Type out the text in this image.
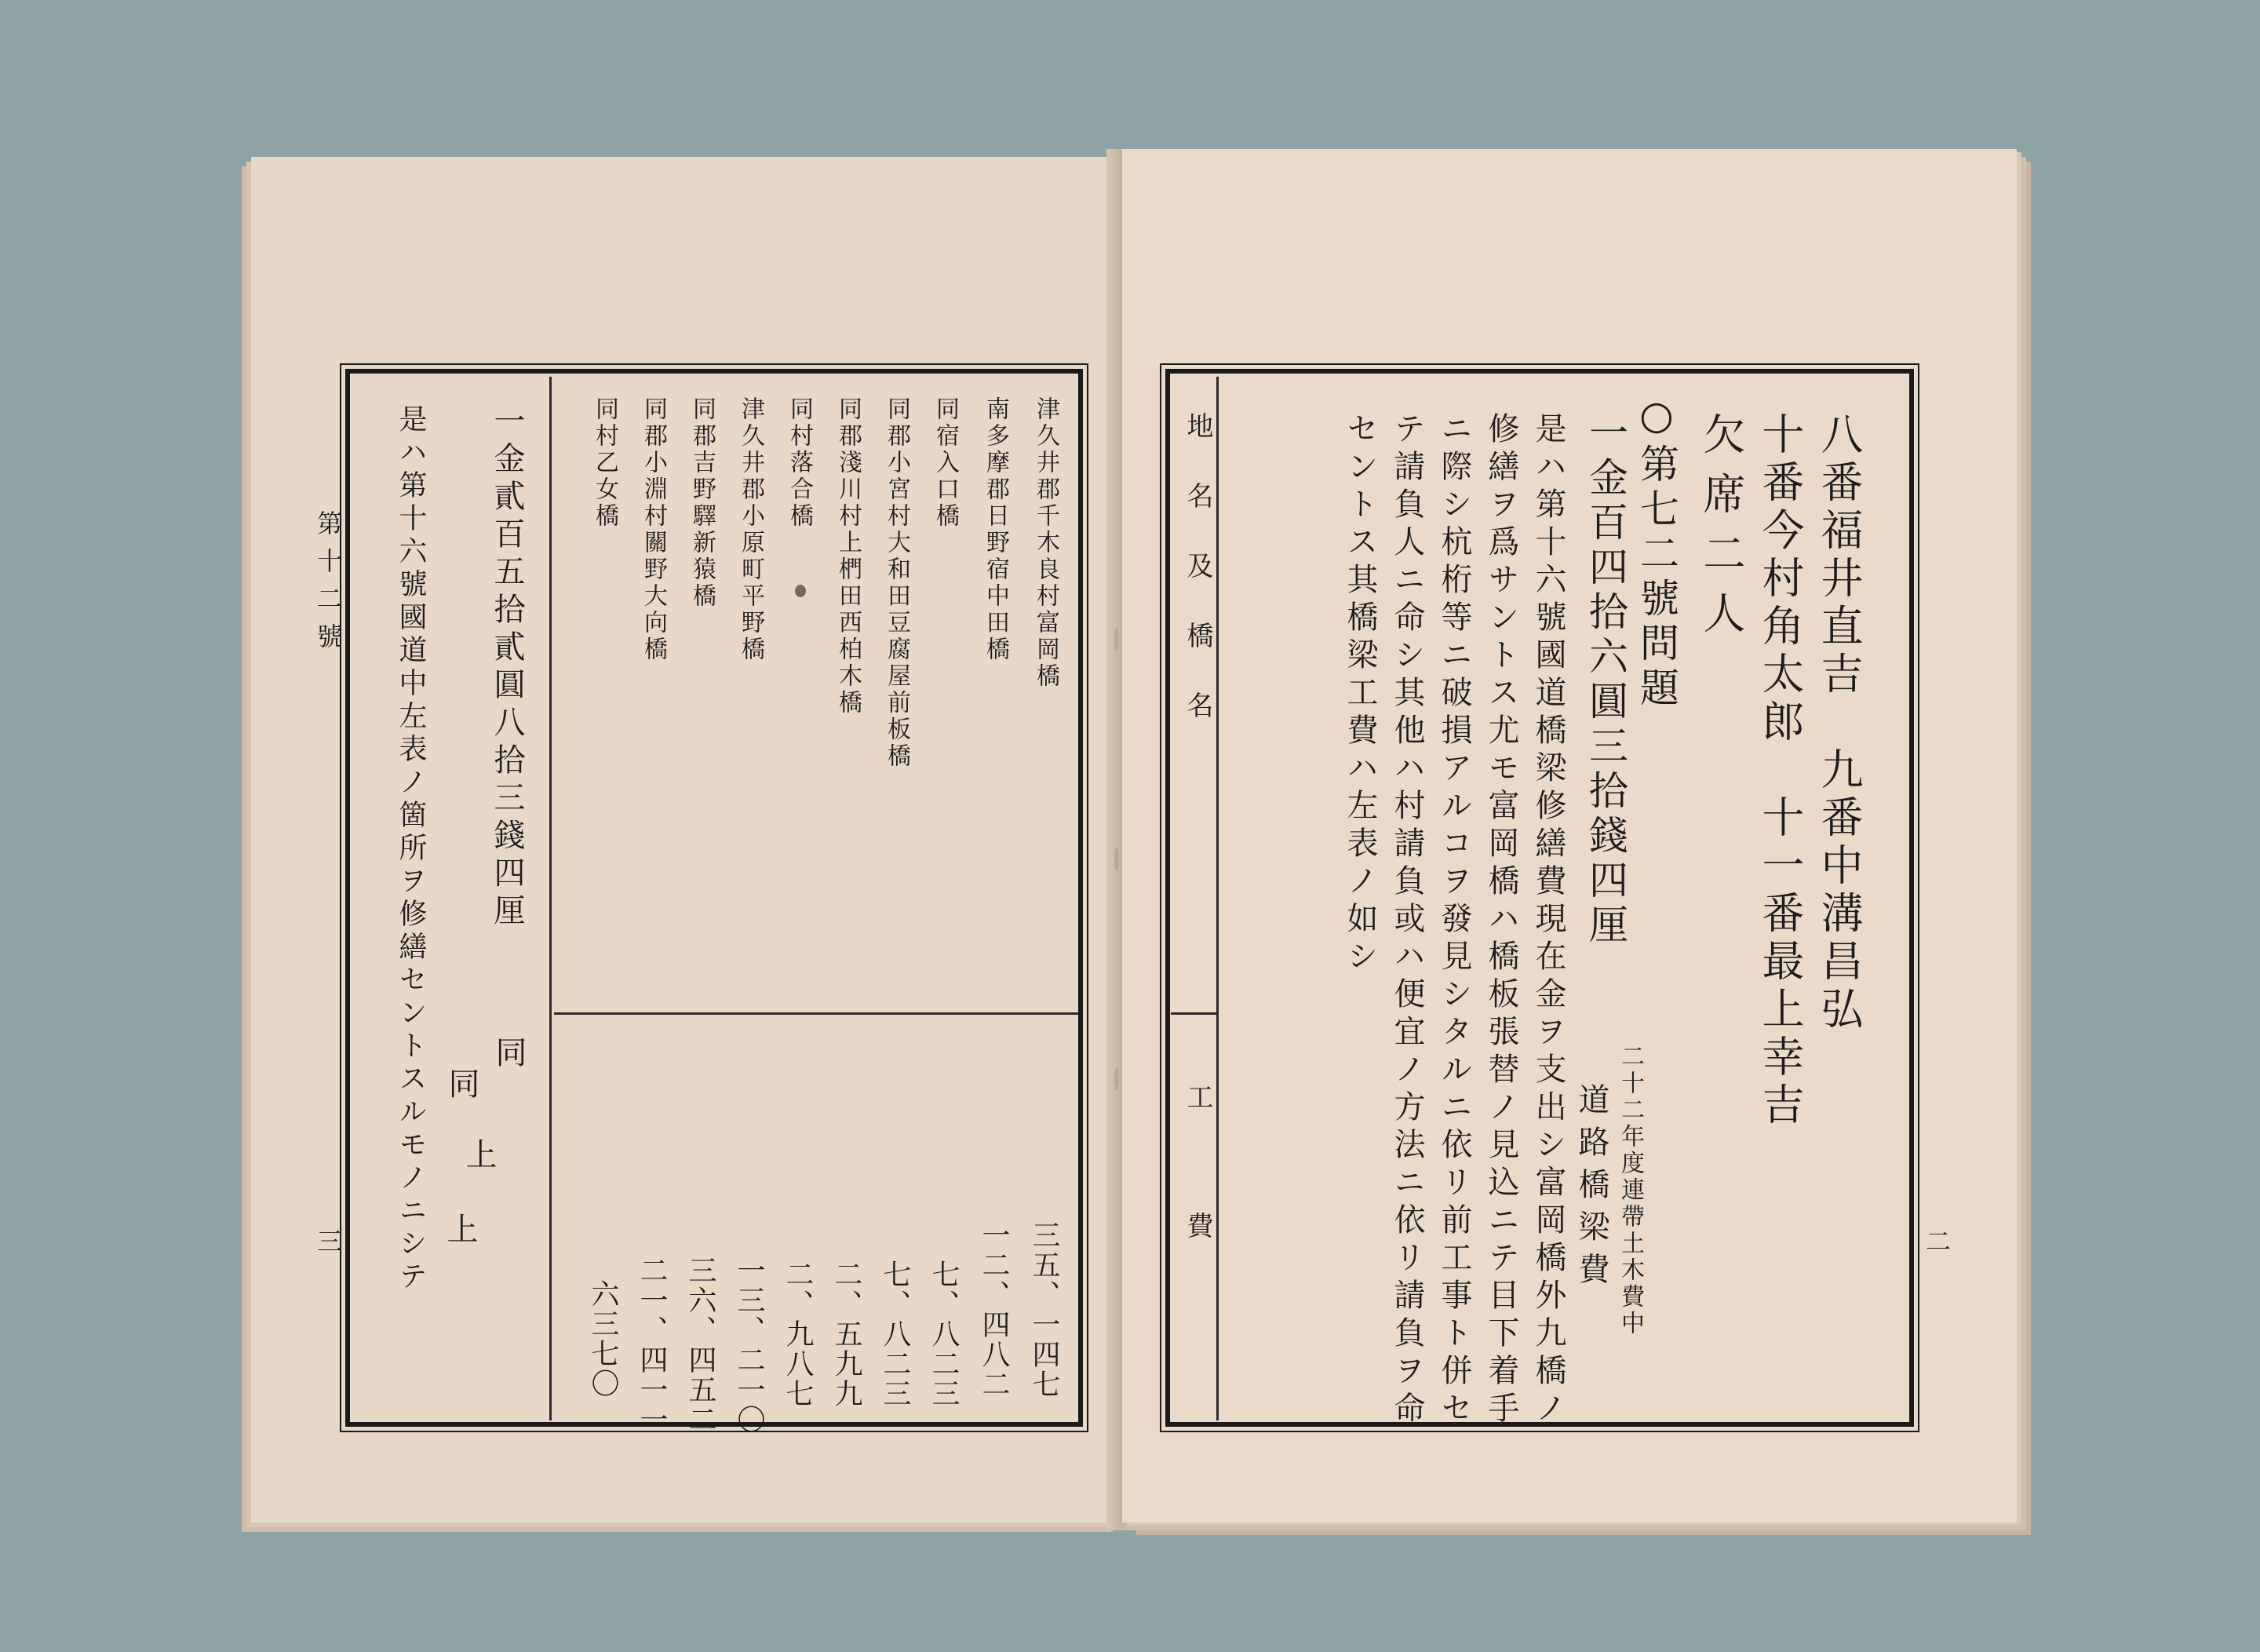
第十二號
三
津久井郡千木良村富岡橋
三五、一四七
南多摩郡日野宿中田橋
一二、四八二
同宿入口橋
七、八二三
同郡小宮村大和田豆腐屋前板橋
七、八二三
同郡淺川村上椚田西柏木橋
二、五九九
同村落合橋
二、九八七
津久井郡小原町平野橋
一三、二一〇
同郡吉野驛新猿橋
三六、四五二
同郡小淵村關野大向橋
二一、四一一
同村乙女橋
六三七〇
一金貳百五拾貳圓八拾三錢四厘
同
上
同
上
是ハ第十六號國道中左表ノ箇所ヲ修繕セントスルモノニシテ	地名及橋名
工費
八番福井直吉　九番中溝昌弘
十番今村角太郎　十一番最上幸吉
欠席二人
○第七二號問題
一金百四拾六圓三拾錢四厘
二十二年度連帶土木費中
道路橋梁費
是ハ第十六號國道橋梁修繕費現在金ヲ支出シ富岡橋外九橋ノ
修繕ヲ爲サントス尤モ富岡橋ハ橋板張替ノ見込ニテ目下着手
ニ際シ杭桁等ニ破損アルコヲ發見シタルニ依リ前工事ト併セ
テ請負人ニ命シ其他ハ村請負或ハ便宜ノ方法ニ依リ請負ヲ命
セントス其橋梁工費ハ左表ノ如シ
二
